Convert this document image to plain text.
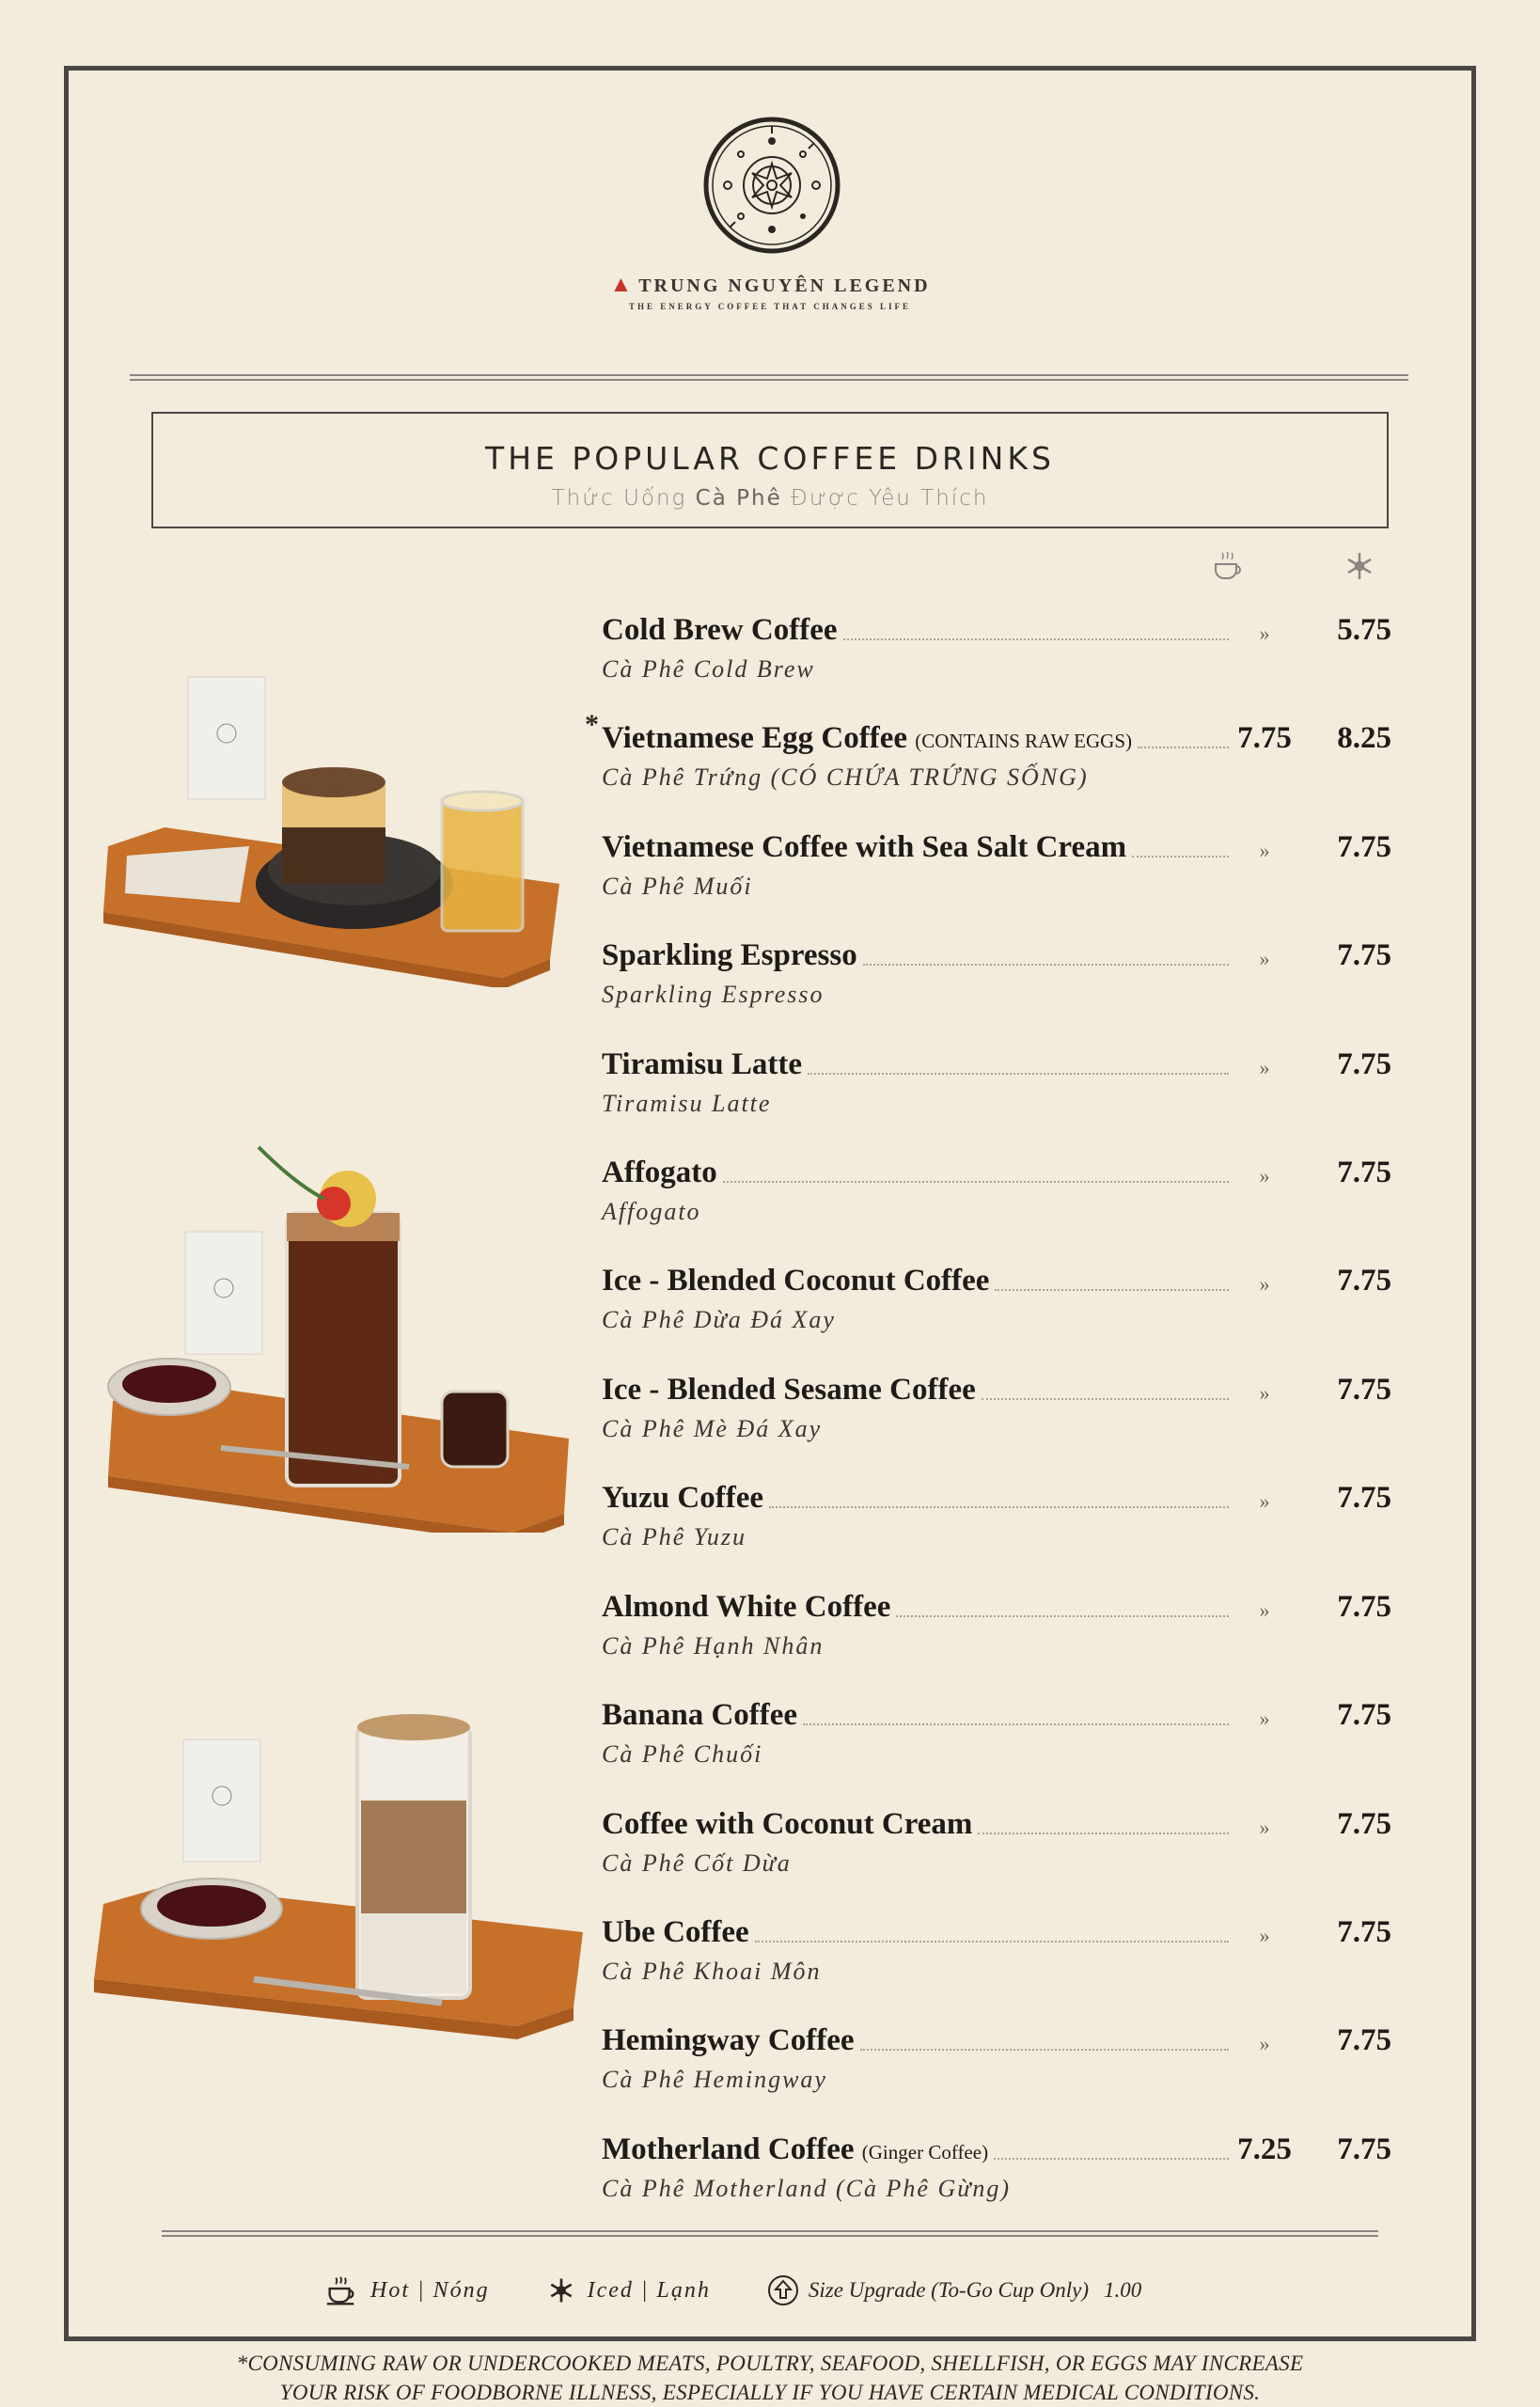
▲ TRUNG NGUYÊN LEGEND
THE ENERGY COFFEE THAT CHANGES LIFE
THE POPULAR COFFEE DRINKS
Thức Uống Cà Phê Được Yêu Thích
Cold Brew Coffee	»	5.75
Cà Phê Cold Brew
* Vietnamese Egg Coffee (CONTAINS RAW EGGS)	7.75	8.25
Cà Phê Trứng (CÓ CHỨA TRỨNG SỐNG)
Vietnamese Coffee with Sea Salt Cream	»	7.75
Cà Phê Muối
Sparkling Espresso	»	7.75
Sparkling Espresso
Tiramisu Latte	»	7.75
Tiramisu Latte
Affogato	»	7.75
Affogato
Ice - Blended Coconut Coffee	»	7.75
Cà Phê Dừa Đá Xay
Ice - Blended Sesame Coffee	»	7.75
Cà Phê Mè Đá Xay
Yuzu Coffee	»	7.75
Cà Phê Yuzu
Almond White Coffee	»	7.75
Cà Phê Hạnh Nhân
Banana Coffee	»	7.75
Cà Phê Chuối
Coffee with Coconut Cream	»	7.75
Cà Phê Cốt Dừa
Ube Coffee	»	7.75
Cà Phê Khoai Môn
Hemingway Coffee	»	7.75
Cà Phê Hemingway
Motherland Coffee (Ginger Coffee)	7.25	7.75
Cà Phê Motherland (Cà Phê Gừng)
Hot | Nóng	Iced | Lạnh	Size Upgrade (To-Go Cup Only) 1.00
*CONSUMING RAW OR UNDERCOOKED MEATS, POULTRY, SEAFOOD, SHELLFISH, OR EGGS MAY INCREASE
YOUR RISK OF FOODBORNE ILLNESS, ESPECIALLY IF YOU HAVE CERTAIN MEDICAL CONDITIONS.
